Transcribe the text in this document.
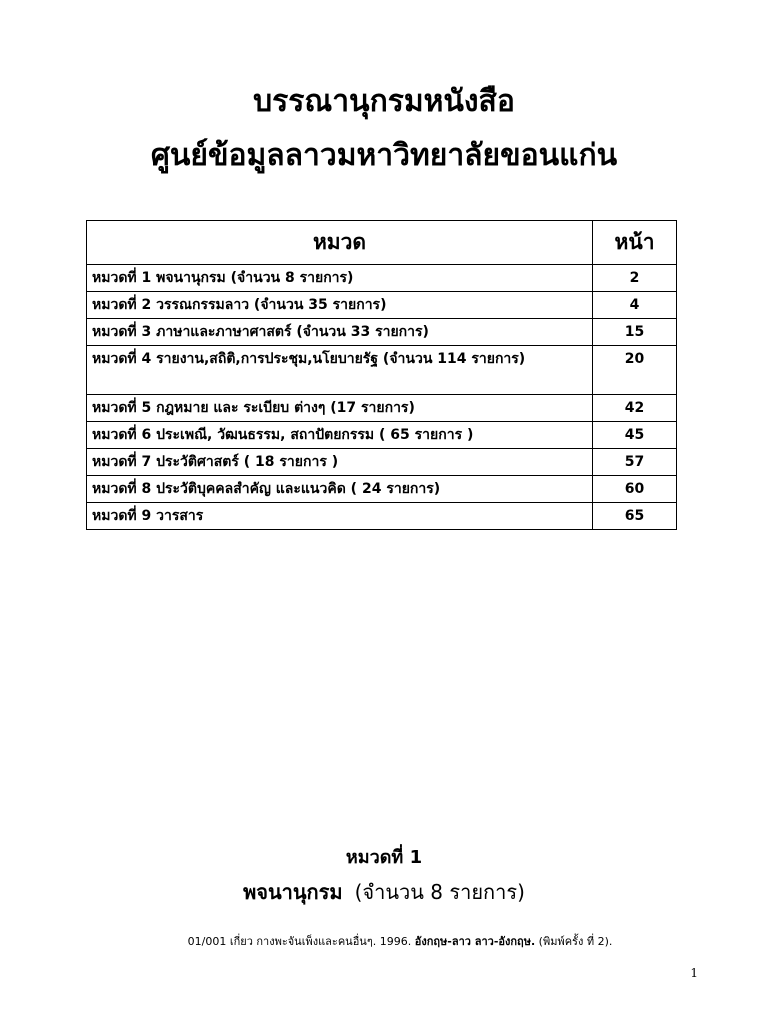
บรรณานุกรมหนังสือ
ศูนย์ข้อมูลลาวมหาวิทยาลัยขอนแก่น
หมวด	หน้า
หมวดที่ 1 พจนานุกรม (จำนวน 8 รายการ)	2
หมวดที่ 2 วรรณกรรมลาว (จำนวน 35 รายการ)	4
หมวดที่ 3 ภาษาและภาษาศาสตร์ (จำนวน 33 รายการ)	15
หมวดที่ 4 รายงาน,สถิติ,การประชุม,นโยบายรัฐ (จำนวน 114 รายการ)	20
หมวดที่ 5 กฎหมาย และ ระเบียบ ต่างๆ (17 รายการ)	42
หมวดที่ 6 ประเพณี, วัฒนธรรม, สถาปัตยกรรม ( 65 รายการ )	45
หมวดที่ 7 ประวัติศาสตร์ ( 18 รายการ )	57
หมวดที่ 8 ประวัติบุคคลสำคัญ และแนวคิด ( 24 รายการ)	60
หมวดที่ 9 วารสาร	65

หมวดที่ 1

พจนานุกรม (จำนวน 8 รายการ)

01/001 เกี่ยว กางพะจันเพ็งและคนอื่นๆ. 1996. อังกฤษ-ลาว ลาว-อังกฤษ. (พิมพ์ครั้ง ที่ 2).

1
